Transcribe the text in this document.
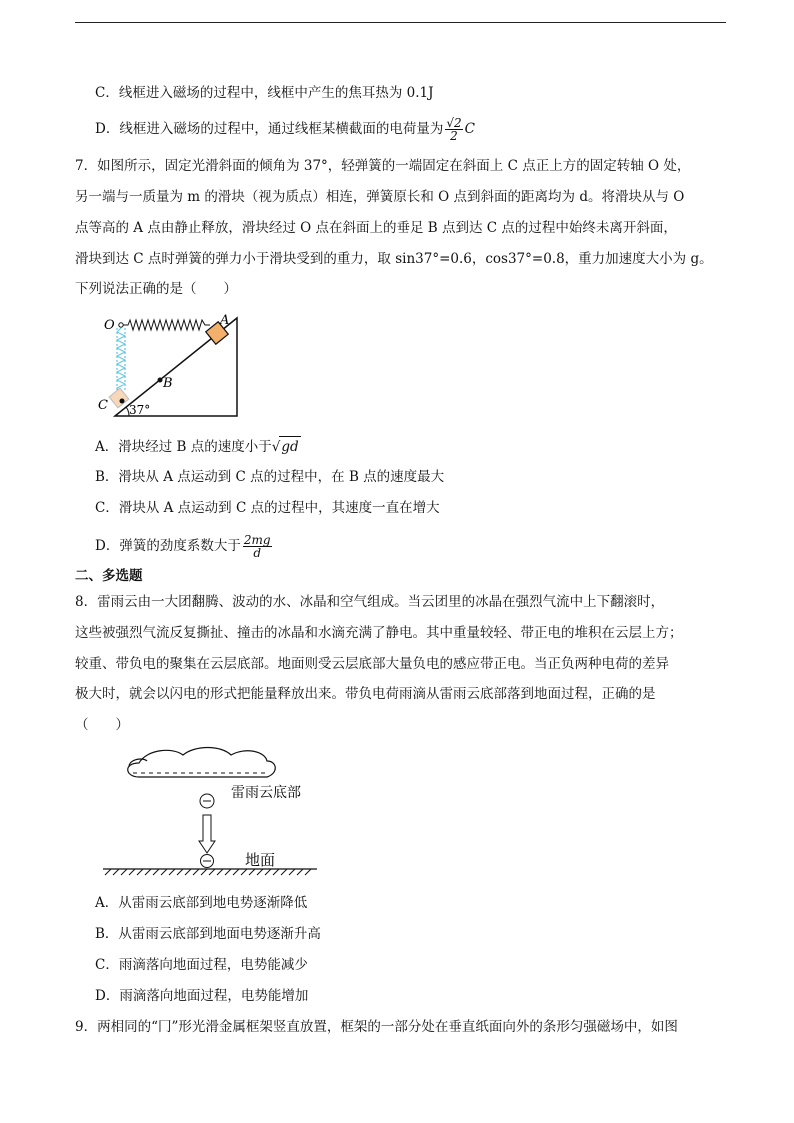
C．线框进入磁场的过程中，线框中产生的焦耳热为 0.1J
D．线框进入磁场的过程中，通过线框某横截面的电荷量为 $\frac{√2}{2}$ C
7．如图所示，固定光滑斜面的倾角为 37°，轻弹簧的一端固定在斜面上 C 点正上方的固定转轴 O 处，
另一端与一质量为 m 的滑块（视为质点）相连，弹簧原长和 O 点到斜面的距离均为 d。将滑块从与 O
点等高的 A 点由静止释放，滑块经过 O 点在斜面上的垂足 B 点到达 C 点的过程中始终未离开斜面，
滑块到达 C 点时弹簧的弹力小于滑块受到的重力，取 sin37°=0.6，cos37°=0.8，重力加速度大小为 g。
下列说法正确的是（　　）
O	A
B
C 37°
A．滑块经过 B 点的速度小于√gd
B．滑块从 A 点运动到 C 点的过程中，在 B 点的速度最大
C．滑块从 A 点运动到 C 点的过程中，其速度一直在增大
D．弹簧的劲度系数大于 $\frac{2mg}{d}$
二、多选题
8．雷雨云由一大团翻腾、波动的水、冰晶和空气组成。当云团里的冰晶在强烈气流中上下翻滚时，
这些被强烈气流反复撕扯、撞击的冰晶和水滴充满了静电。其中重量较轻、带正电的堆积在云层上方；
较重、带负电的聚集在云层底部。地面则受云层底部大量负电的感应带正电。当正负两种电荷的差异
极大时，就会以闪电的形式把能量释放出来。带负电荷雨滴从雷雨云底部落到地面过程，正确的是
（　　）
雷雨云底部
地面
A．从雷雨云底部到地电势逐渐降低
B．从雷雨云底部到地面电势逐渐升高
C．雨滴落向地面过程，电势能减少
D．雨滴落向地面过程，电势能增加
9．两相同的“冂”形光滑金属框架竖直放置，框架的一部分处在垂直纸面向外的条形匀强磁场中，如图
